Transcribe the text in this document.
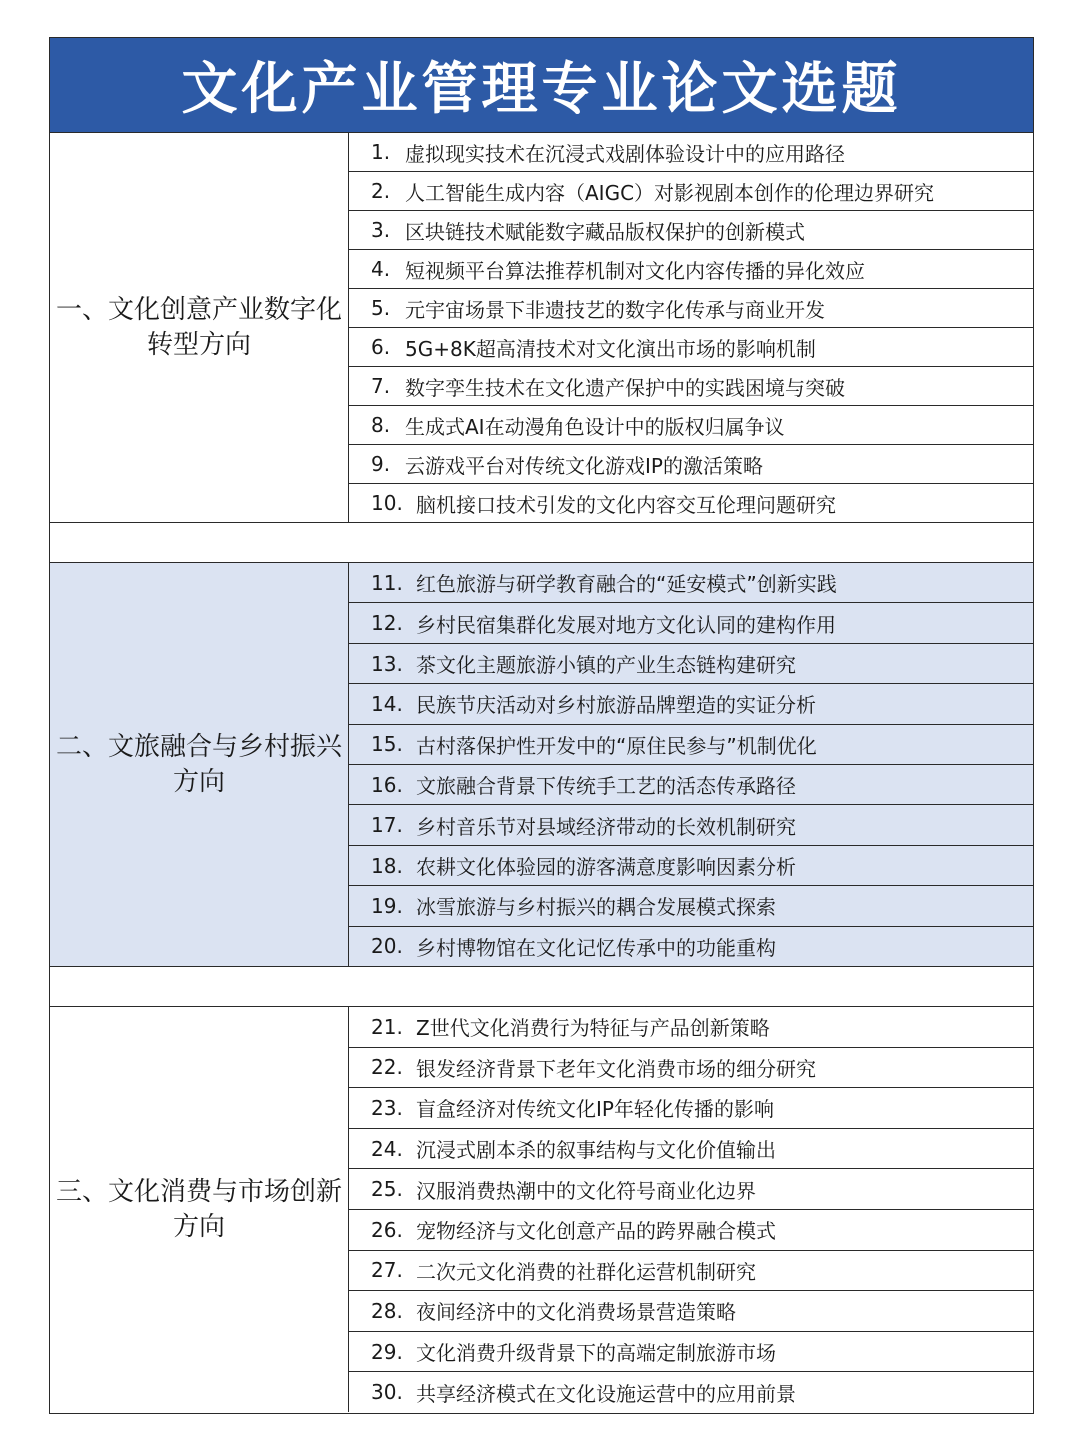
文化产业管理专业论文选题
一、文化创意产业数字化转型方向
1. 虚拟现实技术在沉浸式戏剧体验设计中的应用路径
2. 人工智能生成内容（AIGC）对影视剧本创作的伦理边界研究
3. 区块链技术赋能数字藏品版权保护的创新模式
4. 短视频平台算法推荐机制对文化内容传播的异化效应
5. 元宇宙场景下非遗技艺的数字化传承与商业开发
6. 5G+8K超高清技术对文化演出市场的影响机制
7. 数字孪生技术在文化遗产保护中的实践困境与突破
8. 生成式AI在动漫角色设计中的版权归属争议
9. 云游戏平台对传统文化游戏IP的激活策略
10. 脑机接口技术引发的文化内容交互伦理问题研究
二、文旅融合与乡村振兴方向
11. 红色旅游与研学教育融合的“延安模式”创新实践
12. 乡村民宿集群化发展对地方文化认同的建构作用
13. 茶文化主题旅游小镇的产业生态链构建研究
14. 民族节庆活动对乡村旅游品牌塑造的实证分析
15. 古村落保护性开发中的“原住民参与”机制优化
16. 文旅融合背景下传统手工艺的活态传承路径
17. 乡村音乐节对县域经济带动的长效机制研究
18. 农耕文化体验园的游客满意度影响因素分析
19. 冰雪旅游与乡村振兴的耦合发展模式探索
20. 乡村博物馆在文化记忆传承中的功能重构
三、文化消费与市场创新方向
21. Z世代文化消费行为特征与产品创新策略
22. 银发经济背景下老年文化消费市场的细分研究
23. 盲盒经济对传统文化IP年轻化传播的影响
24. 沉浸式剧本杀的叙事结构与文化价值输出
25. 汉服消费热潮中的文化符号商业化边界
26. 宠物经济与文化创意产品的跨界融合模式
27. 二次元文化消费的社群化运营机制研究
28. 夜间经济中的文化消费场景营造策略
29. 文化消费升级背景下的高端定制旅游市场
30. 共享经济模式在文化设施运营中的应用前景
